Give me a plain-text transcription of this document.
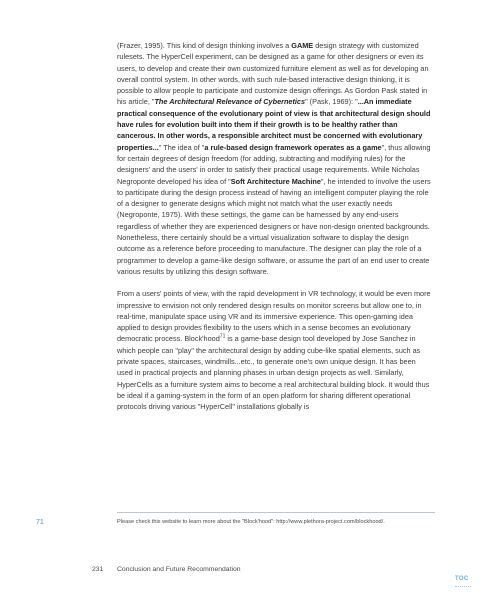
(Frazer, 1995). This kind of design thinking involves a GAME design strategy with customized rulesets. The HyperCell experiment, can be designed as a game for other designers or even its users, to develop and create their own customized furniture element as well as for developing an overall control system. In other words, with such rule-based interactive design thinking, it is possible to allow people to participate and customize design offerings. As Gordon Pask stated in his article, "The Architectural Relevance of Cybernetics" (Pask, 1969): "...An immediate practical consequence of the evolutionary point of view is that architectural design should have rules for evolution built into them if their growth is to be healthy rather than cancerous. In other words, a responsible architect must be concerned with evolutionary properties..." The idea of "a rule-based design framework operates as a game", thus allowing for certain degrees of design freedom (for adding, subtracting and modifying rules) for the designers' and the users' in order to satisfy their practical usage requirements. While Nicholas Negroponte developed his idea of "Soft Architecture Machine", he intended to involve the users to participate during the design process instead of having an intelligent computer playing the role of a designer to generate designs which might not match what the user exactly needs (Negroponte, 1975). With these settings, the game can be harnessed by any end-users regardless of whether they are experienced designers or have non-design oriented backgrounds. Nonetheless, there certainly should be a virtual visualization software to display the design outcome as a reference before proceeding to manufacture. The designer can play the role of a programmer to develop a game-like design software, or assume the part of an end user to create various results by utilizing this design software.

From a users' points of view, with the rapid development in VR technology, it would be even more impressive to envision not only rendered design results on monitor screens but allow one to, in real-time, manipulate space using VR and its immersive experience. This open-gaming idea applied to design provides flexibility to the users which in a sense becomes an evolutionary democratic process. Block'hood$^{71}$ is a game-base design tool developed by Jose Sanchez in which people can "play" the architectural design by adding cube-like spatial elements, such as private spaces, staircases, windmills...etc., to generate one's own unique design. It has been used in practical projects and planning phases in urban design projects as well. Similarly, HyperCells as a furniture system aims to become a real architectural building block. It would thus be ideal if a gaming-system in the form of an open platform for sharing different operational protocols driving various "HyperCell" installations globally is

71	Please check this website to learn more about the "Block'hood": http://www.plethora-project.com/blockhood/.
231 Conclusion and Future Recommendation
TOC
